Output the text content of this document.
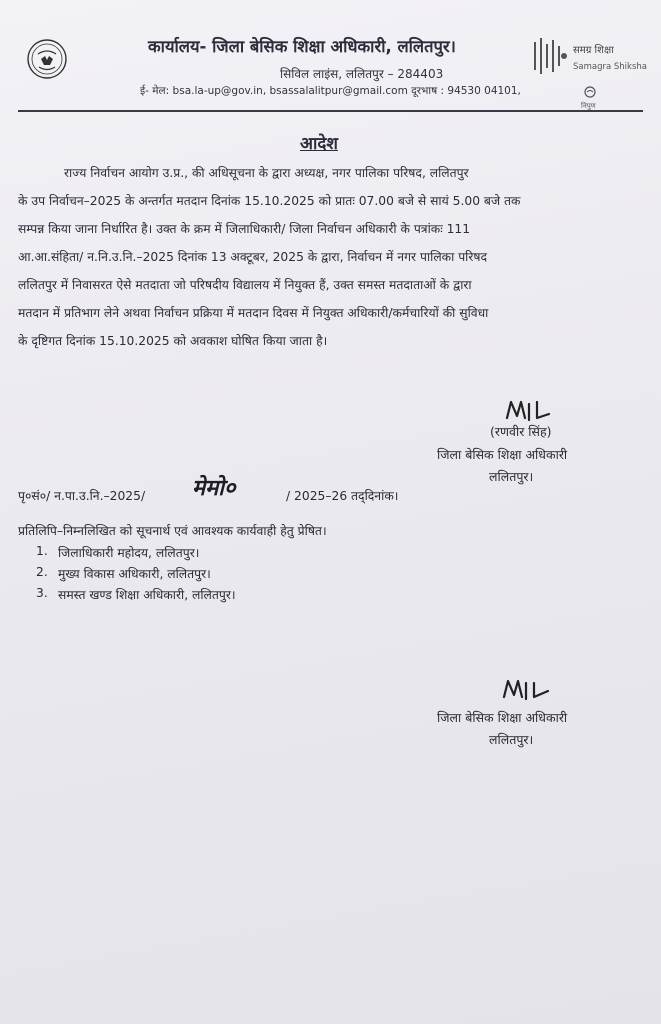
कार्यालय- जिला बेसिक शिक्षा अधिकारी, ललितपुर।
सिविल लाइंस, ललितपुर – 284403
ई- मेल: bsa.la-up@gov.in, bsassalalitpur@gmail.com दूरभाष : 94530 04101,
समग्र शिक्षा
Samagra Shiksha
निपुण
आदेश
राज्य निर्वाचन आयोग उ.प्र., की अधिसूचना के द्वारा अध्यक्ष, नगर पालिका परिषद, ललितपुर
के उप निर्वाचन–2025 के अन्तर्गत मतदान दिनांक 15.10.2025 को प्रातः 07.00 बजे से सायं 5.00 बजे तक
सम्पन्न किया जाना निर्धारित है। उक्त के क्रम में जिलाधिकारी/ जिला निर्वाचन अधिकारी के पत्रांकः 111
आ.आ.संहिता/ न.नि.उ.नि.–2025 दिनांक 13 अक्टूबर, 2025 के द्वारा, निर्वाचन में नगर पालिका परिषद
ललितपुर में निवासरत ऐसे मतदाता जो परिषदीय विद्यालय में नियुक्त हैं, उक्त समस्त मतदाताओं के द्वारा
मतदान में प्रतिभाग लेने अथवा निर्वाचन प्रक्रिया में मतदान दिवस में नियुक्त अधिकारी/कर्मचारियों की सुविधा
के दृष्टिगत दिनांक 15.10.2025 को अवकाश घोषित किया जाता है।
(रणवीर सिंह)
जिला बेसिक शिक्षा अधिकारी
ललितपुर।
पृ०सं०/ न.पा.उ.नि.–2025/ मेमो०	/ 2025–26 तद्‌दिनांक।
प्रतिलिपि–निम्नलिखित को सूचनार्थ एवं आवश्यक कार्यवाही हेतु प्रेषित।
1. जिलाधिकारी महोदय, ललितपुर।
2. मुख्य विकास अधिकारी, ललितपुर।
3. समस्त खण्ड शिक्षा अधिकारी, ललितपुर।
जिला बेसिक शिक्षा अधिकारी
ललितपुर।
